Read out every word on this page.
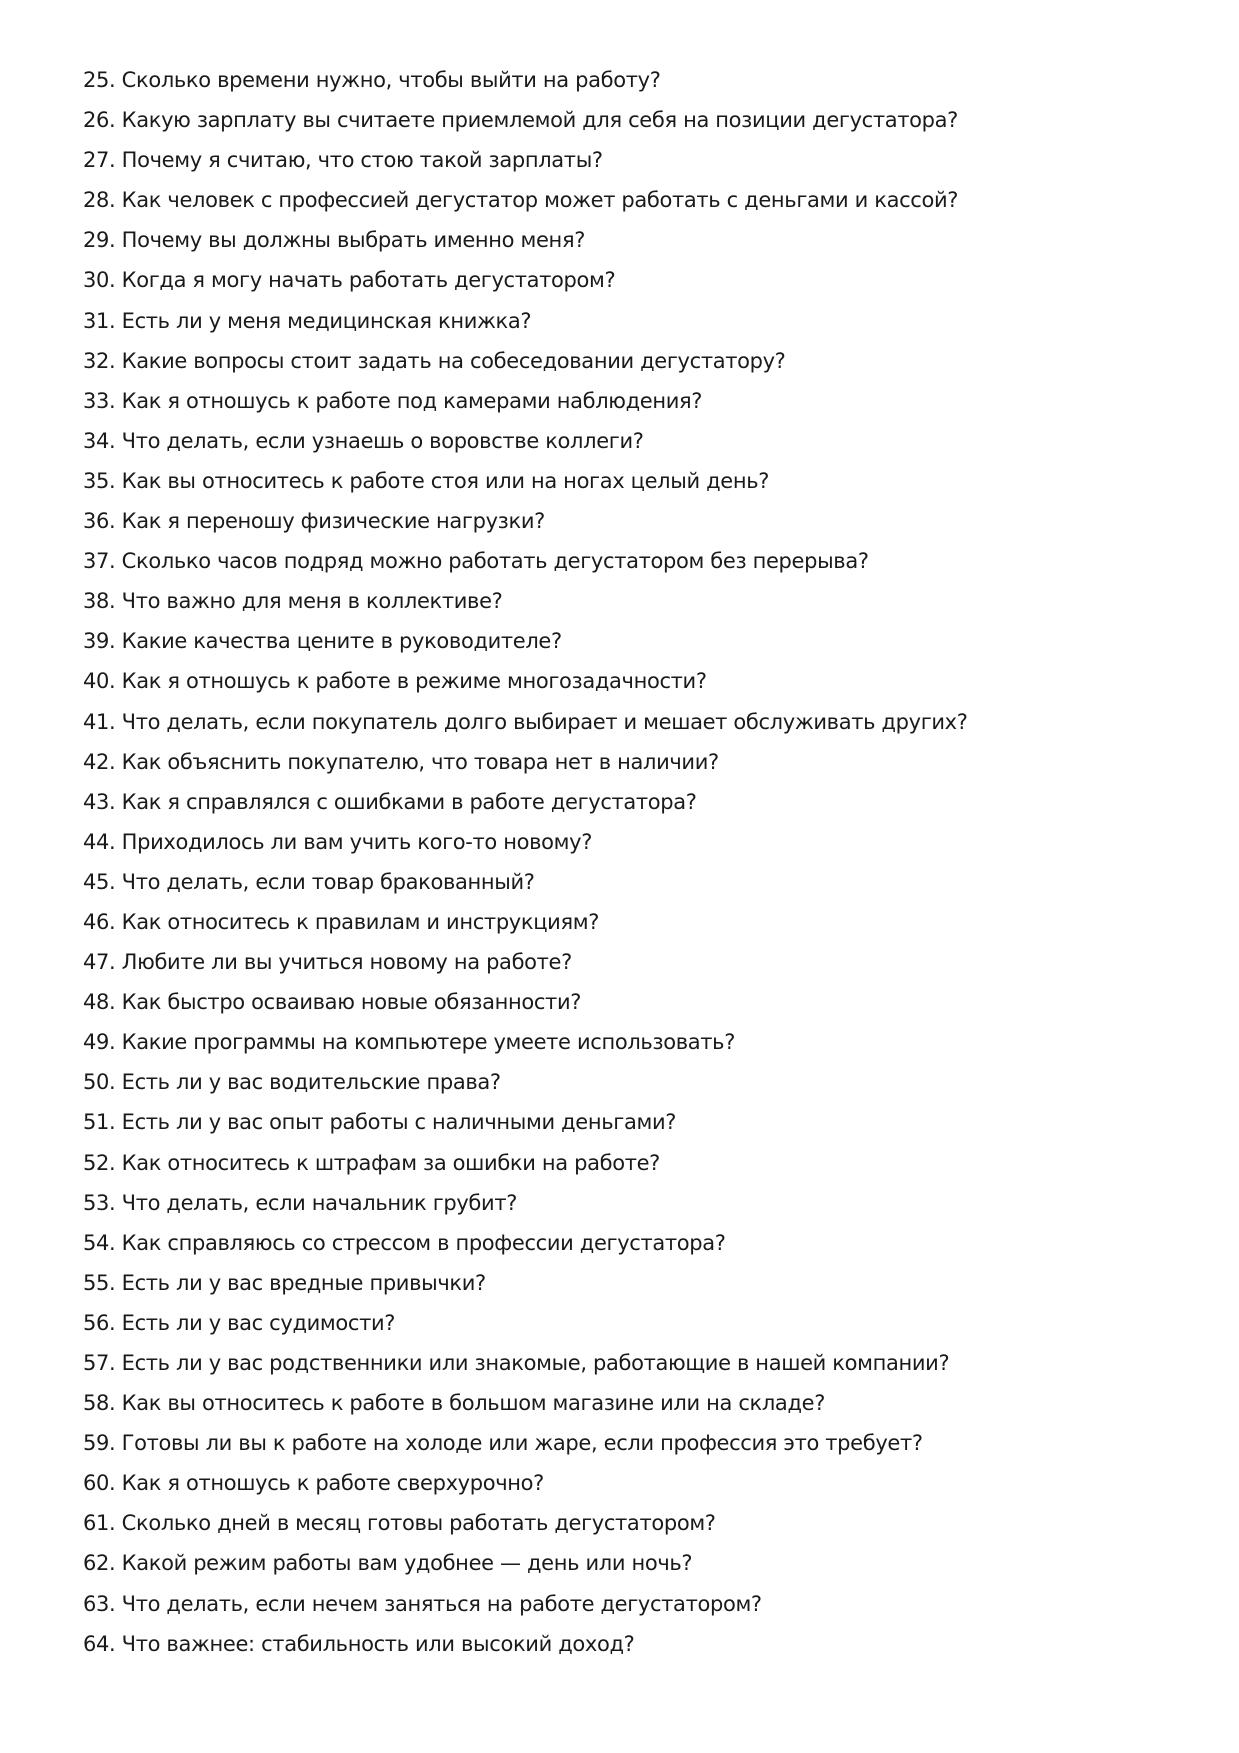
25. Сколько времени нужно, чтобы выйти на работу?
26. Какую зарплату вы считаете приемлемой для себя на позиции дегустатора?
27. Почему я считаю, что стою такой зарплаты?
28. Как человек с профессией дегустатор может работать с деньгами и кассой?
29. Почему вы должны выбрать именно меня?
30. Когда я могу начать работать дегустатором?
31. Есть ли у меня медицинская книжка?
32. Какие вопросы стоит задать на собеседовании дегустатору?
33. Как я отношусь к работе под камерами наблюдения?
34. Что делать, если узнаешь о воровстве коллеги?
35. Как вы относитесь к работе стоя или на ногах целый день?
36. Как я переношу физические нагрузки?
37. Сколько часов подряд можно работать дегустатором без перерыва?
38. Что важно для меня в коллективе?
39. Какие качества цените в руководителе?
40. Как я отношусь к работе в режиме многозадачности?
41. Что делать, если покупатель долго выбирает и мешает обслуживать других?
42. Как объяснить покупателю, что товара нет в наличии?
43. Как я справлялся с ошибками в работе дегустатора?
44. Приходилось ли вам учить кого-то новому?
45. Что делать, если товар бракованный?
46. Как относитесь к правилам и инструкциям?
47. Любите ли вы учиться новому на работе?
48. Как быстро осваиваю новые обязанности?
49. Какие программы на компьютере умеете использовать?
50. Есть ли у вас водительские права?
51. Есть ли у вас опыт работы с наличными деньгами?
52. Как относитесь к штрафам за ошибки на работе?
53. Что делать, если начальник грубит?
54. Как справляюсь со стрессом в профессии дегустатора?
55. Есть ли у вас вредные привычки?
56. Есть ли у вас судимости?
57. Есть ли у вас родственники или знакомые, работающие в нашей компании?
58. Как вы относитесь к работе в большом магазине или на складе?
59. Готовы ли вы к работе на холоде или жаре, если профессия это требует?
60. Как я отношусь к работе сверхурочно?
61. Сколько дней в месяц готовы работать дегустатором?
62. Какой режим работы вам удобнее — день или ночь?
63. Что делать, если нечем заняться на работе дегустатором?
64. Что важнее: стабильность или высокий доход?
